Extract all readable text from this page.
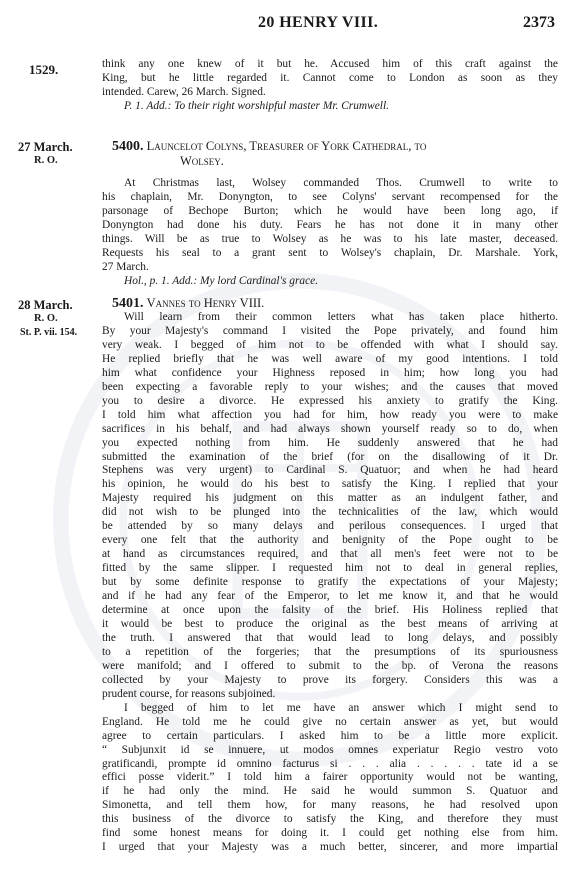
20 HENRY VIII.	2373
1529.	think any one knew of it but he. Accused him of this craft against the
King, but he little regarded it. Cannot come to London as soon as they
intended. Carew, 26 March. Signed.
P. 1. Add.: To their right worshipful master Mr. Crumwell.
27 March.
R. O.
5400. Launcelot Colyns, Treasurer of York Cathedral, to
Wolsey.
At Christmas last, Wolsey commanded Thos. Crumwell to write to
his chaplain, Mr. Donyngton, to see Colyns' servant recompensed for the
parsonage of Bechope Burton; which he would have been long ago, if
Donyngton had done his duty. Fears he has not done it in many other
things. Will be as true to Wolsey as he was to his late master, deceased.
Requests his seal to a grant sent to Wolsey's chaplain, Dr. Marshale. York,
27 March.
Hol., p. 1. Add.: My lord Cardinal's grace.
28 March.
R. O.
St. P. vii. 154.
5401. Vannes to Henry VIII.
Will learn from their common letters what has taken place hitherto.
By your Majesty's command I visited the Pope privately, and found him
very weak. I begged of him not to be offended with what I should say.
He replied briefly that he was well aware of my good intentions. I told
him what confidence your Highness reposed in him; how long you had
been expecting a favorable reply to your wishes; and the causes that moved
you to desire a divorce. He expressed his anxiety to gratify the King.
I told him what affection you had for him, how ready you were to make
sacrifices in his behalf, and had always shown yourself ready so to do, when
you expected nothing from him. He suddenly answered that he had
submitted the examination of the brief (for on the disallowing of it Dr.
Stephens was very urgent) to Cardinal S. Quatuor; and when he had heard
his opinion, he would do his best to satisfy the King. I replied that your
Majesty required his judgment on this matter as an indulgent father, and
did not wish to be plunged into the technicalities of the law, which would
be attended by so many delays and perilous consequences. I urged that
every one felt that the authority and benignity of the Pope ought to be
at hand as circumstances required, and that all men's feet were not to be
fitted by the same slipper. I requested him not to deal in general replies,
but by some definite response to gratify the expectations of your Majesty;
and if he had any fear of the Emperor, to let me know it, and that he would
determine at once upon the falsity of the brief. His Holiness replied that
it would be best to produce the original as the best means of arriving at
the truth. I answered that that would lead to long delays, and possibly
to a repetition of the forgeries; that the presumptions of its spuriousness
were manifold; and I offered to submit to the bp. of Verona the reasons
collected by your Majesty to prove its forgery. Considers this was a
prudent course, for reasons subjoined.
I begged of him to let me have an answer which I might send to
England. He told me he could give no certain answer as yet, but would
agree to certain particulars. I asked him to be a little more explicit.
“ Subjunxit id se innuere, ut modos omnes experiatur Regio vestro voto
gratificandi, prompte id omnino facturus si . . . alia . . . . . tate id a se
effici posse viderit.” I told him a fairer opportunity would not be wanting,
if he had only the mind. He said he would summon S. Quatuor and
Simonetta, and tell them how, for many reasons, he had resolved upon
this business of the divorce to satisfy the King, and therefore they must
find some honest means for doing it. I could get nothing else from him.
I urged that your Majesty was a much better, sincerer, and more impartial
